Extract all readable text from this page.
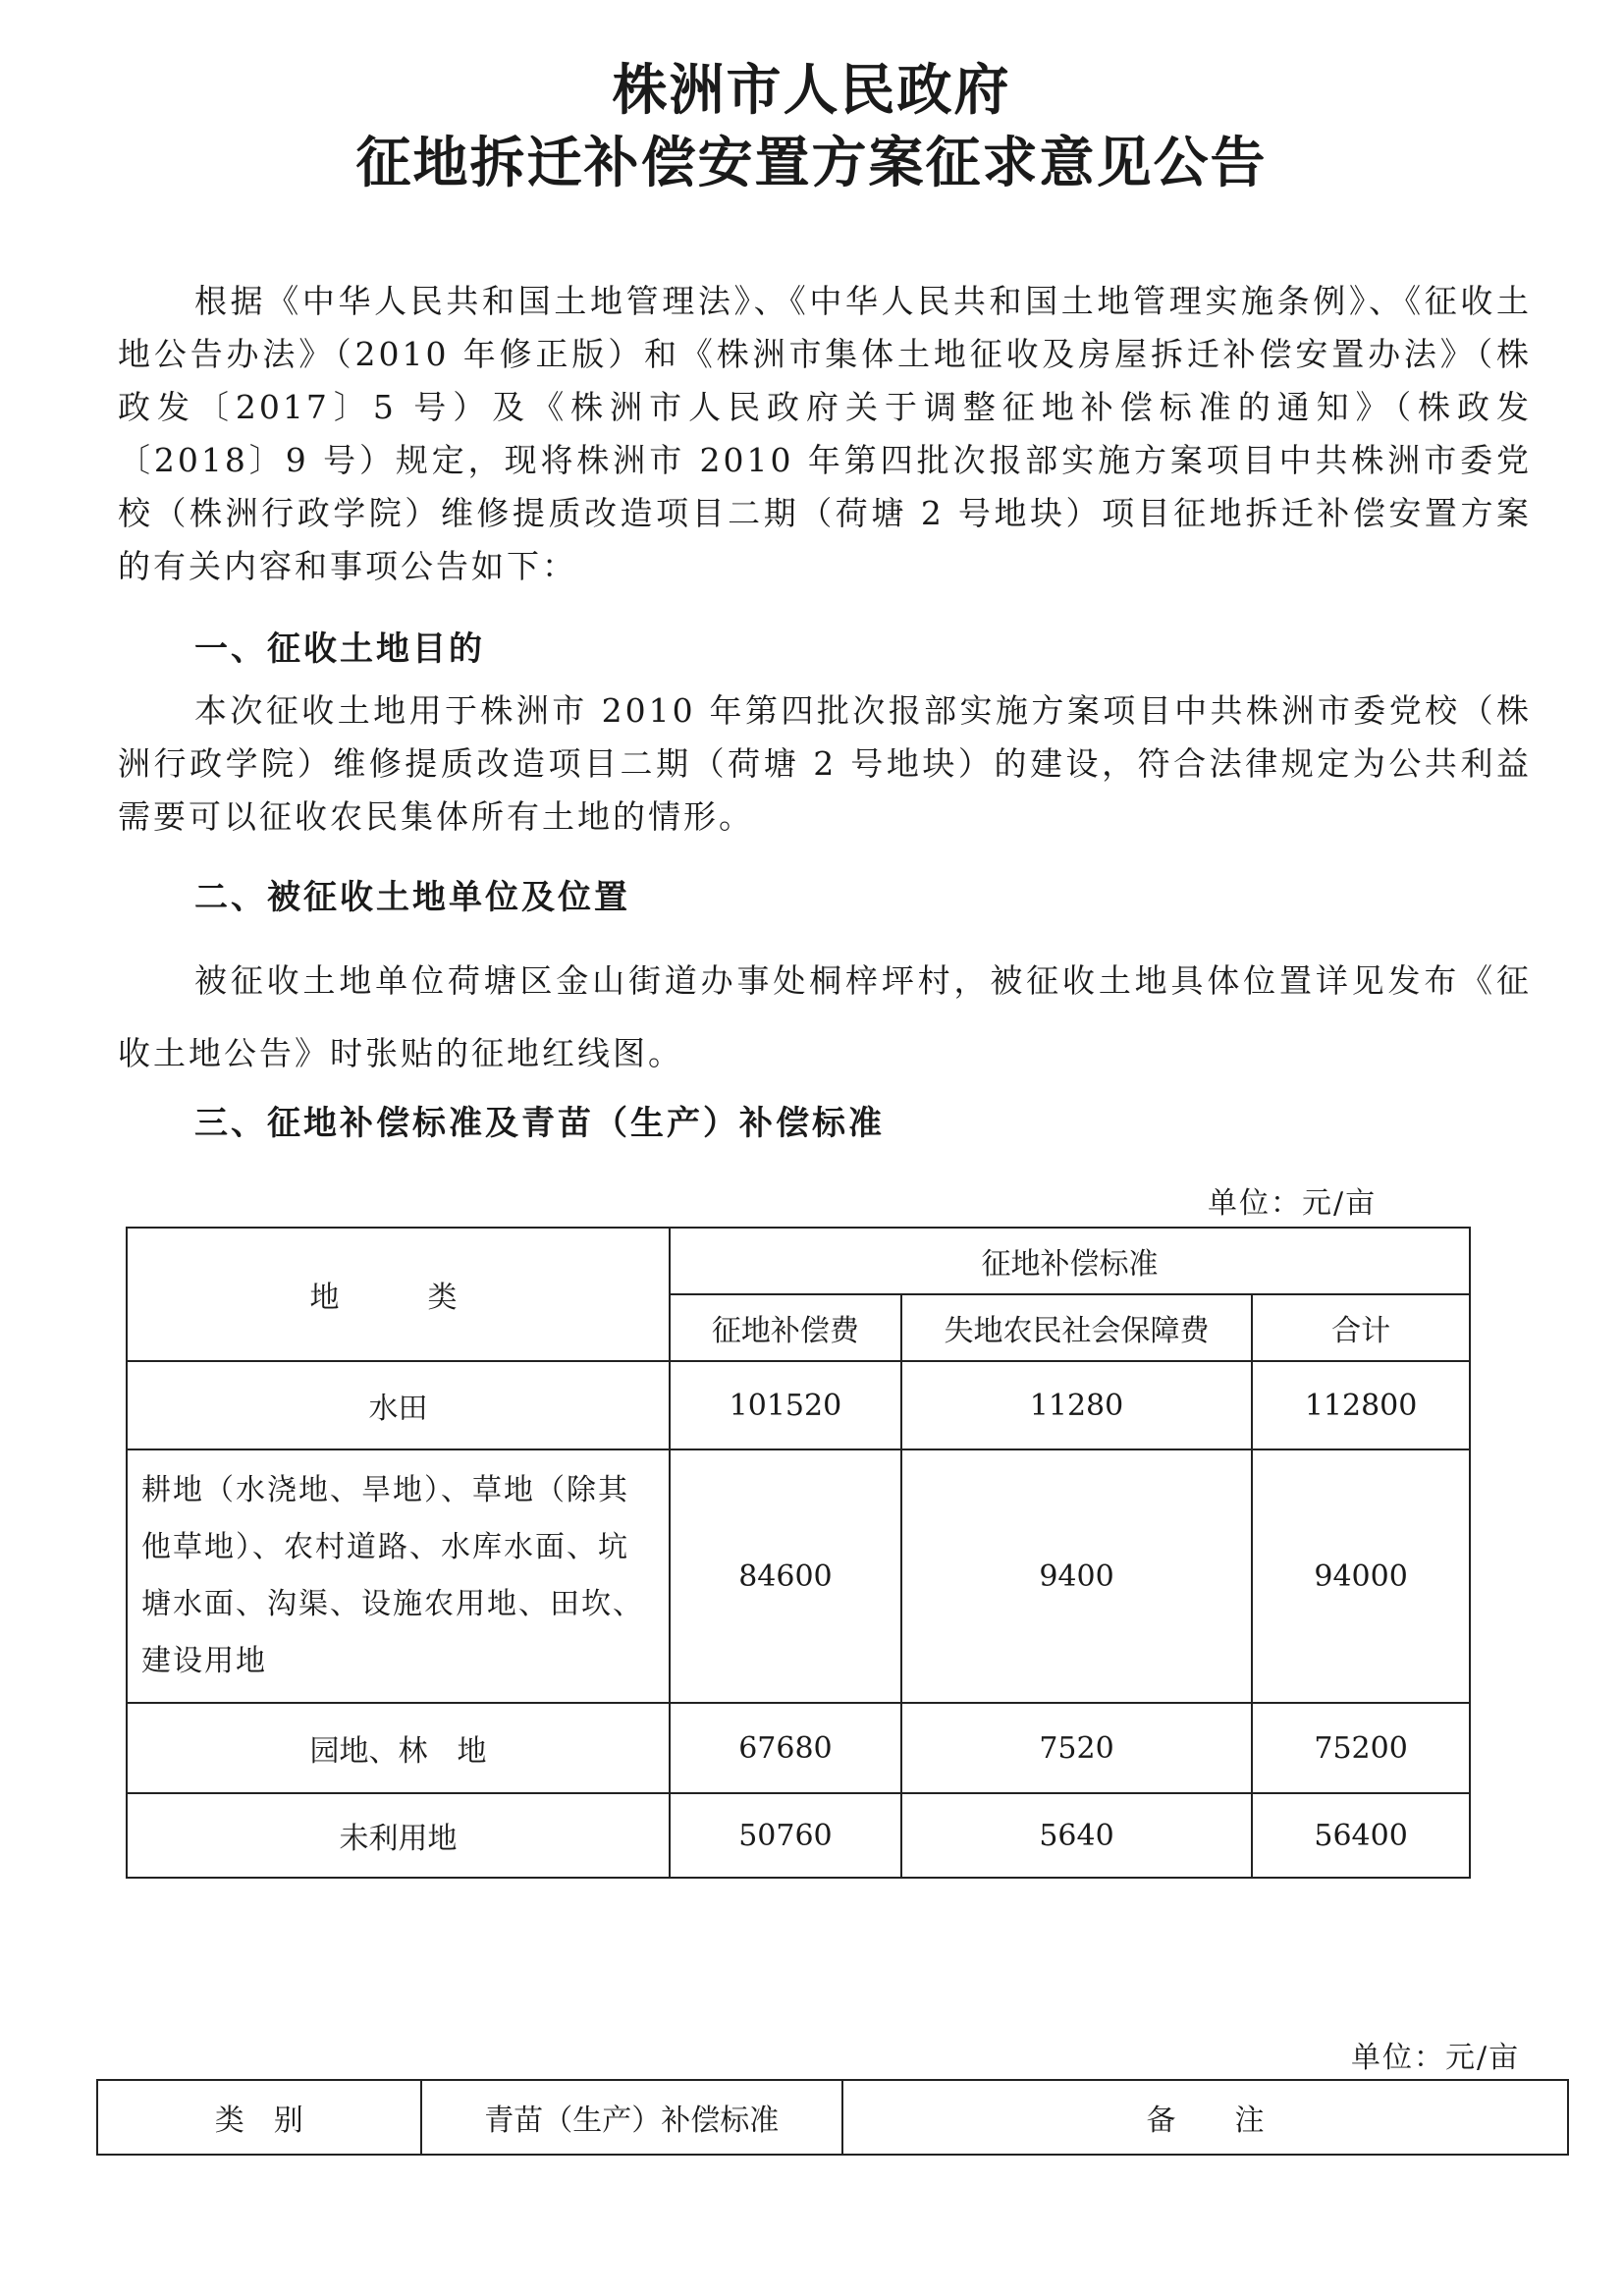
株洲市人民政府
征地拆迁补偿安置方案征求意见公告
根据《中华人民共和国土地管理法》、《中华人民共和国土地管理实施条例》、《征收土地公告办法》（2010 年修正版）和《株洲市集体土地征收及房屋拆迁补偿安置办法》（株政发〔2017〕5 号）及《株洲市人民政府关于调整征地补偿标准的通知》（株政发〔2018〕9 号）规定，现将株洲市 2010 年第四批次报部实施方案项目中共株洲市委党校（株洲行政学院）维修提质改造项目二期（荷塘 2 号地块）项目征地拆迁补偿安置方案的有关内容和事项公告如下：
一、征收土地目的
本次征收土地用于株洲市 2010 年第四批次报部实施方案项目中共株洲市委党校（株洲行政学院）维修提质改造项目二期（荷塘 2 号地块）的建设，符合法律规定为公共利益需要可以征收农民集体所有土地的情形。
二、被征收土地单位及位置
被征收土地单位荷塘区金山街道办事处桐梓坪村，被征收土地具体位置详见发布《征收土地公告》时张贴的征地红线图。
三、征地补偿标准及青苗（生产）补偿标准
单位：元/亩
地　类	征地补偿标准		
	征地补偿费	失地农民社会保障费	合计
水田	101520	11280	112800
耕地（水浇地、旱地）、草地（除其他草地）、农村道路、水库水面、坑塘水面、沟渠、设施农用地、田坎、建设用地	84600	9400	94000
园地、林　地	67680	7520	75200
未利用地	50760	5640	56400
单位：元/亩
类　别	青苗（生产）补偿标准	备　　注
